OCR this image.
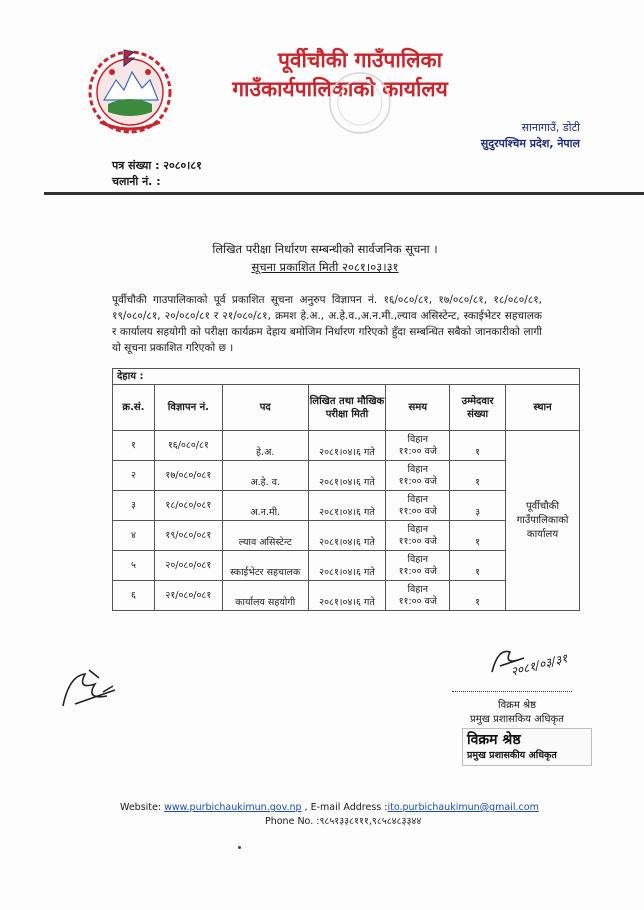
पूर्वीचौकी गाउँपालिका
गाउँकार्यपालिकाको कार्यालय
सानागाउँ, डोटी
सुदुरपश्चिम प्रदेश, नेपाल
पत्र संख्या : २०८०।८१
चलानी नं. :
लिखित परीक्षा निर्धारण सम्बन्धीको सार्वजनिक सूचना ।
सूचना प्रकाशित मिती २०८१।०३।३१
पूर्वीचौकी गाउपालिकाको पूर्व प्रकाशित सूचना अनुरुप विज्ञापन नं. १६/०८०/८१, १७/०८०/८१, १८/०८०/८१, १९/०८०/८१, २०/०८०/८१ र २१/०८०/८१, क्रमश हे.अ., अ.हे.व.,अ.न.मी.,ल्याव असिस्टेन्ट, स्काईभेटर सहचालक र कार्यालय सहयोगी को परीक्षा कार्यक्रम देहाय बमोजिम निर्धारण गरिएको हुँदा सम्बन्धित सबैको जानकारीको लागी यो सूचना प्रकाशित गरिएको छ ।
देहाय :
क्र.सं.	विज्ञापन नं.	पद	लिखित तथा मौखिक परीक्षा मिती	समय	उम्मेदवार संख्या	स्थान
१	१६/०८०/८१	हे.अ.	२०८१।०४।६ गते	विहान
११:०० वजे	१	पूर्वीचौकी गाउँपालिकाको कार्यालय
२	१७/०८०/०८१	अ.हे. व.	२०८१।०४।६ गते	विहान
११:०० वजे	१	
३	१८/०८०/०८१	अ.न.मी.	२०८१।०४।६ गते	विहान
११:०० वजे	३	
४	१९/०८०/०८१	ल्याव असिस्टेन्ट	२०८१।०४।६ गते	विहान
११:०० वजे	१	
५	२०/०८०/०८१	स्काईभेटर सहचालक	२०८१।०४।६ गते	विहान
११:०० वजे	१	
६	२१/०८०/०८१	कार्यालय सहयोगी	२०८१।०४।६ गते	विहान
११:०० वजे	१	
२०८१/०३/३१
विक्रम श्रेष्ठ
प्रमुख प्रशासकिय अधिकृत
विक्रम श्रेष्ठ
प्रमुख प्रशासकीय अधिकृत
Website: www.purbichaukimun.gov.np , E-mail Address :ito.purbichaukimun@gmail.com
Phone No. :९८५१३३८१११,९८५८४८३३४४
